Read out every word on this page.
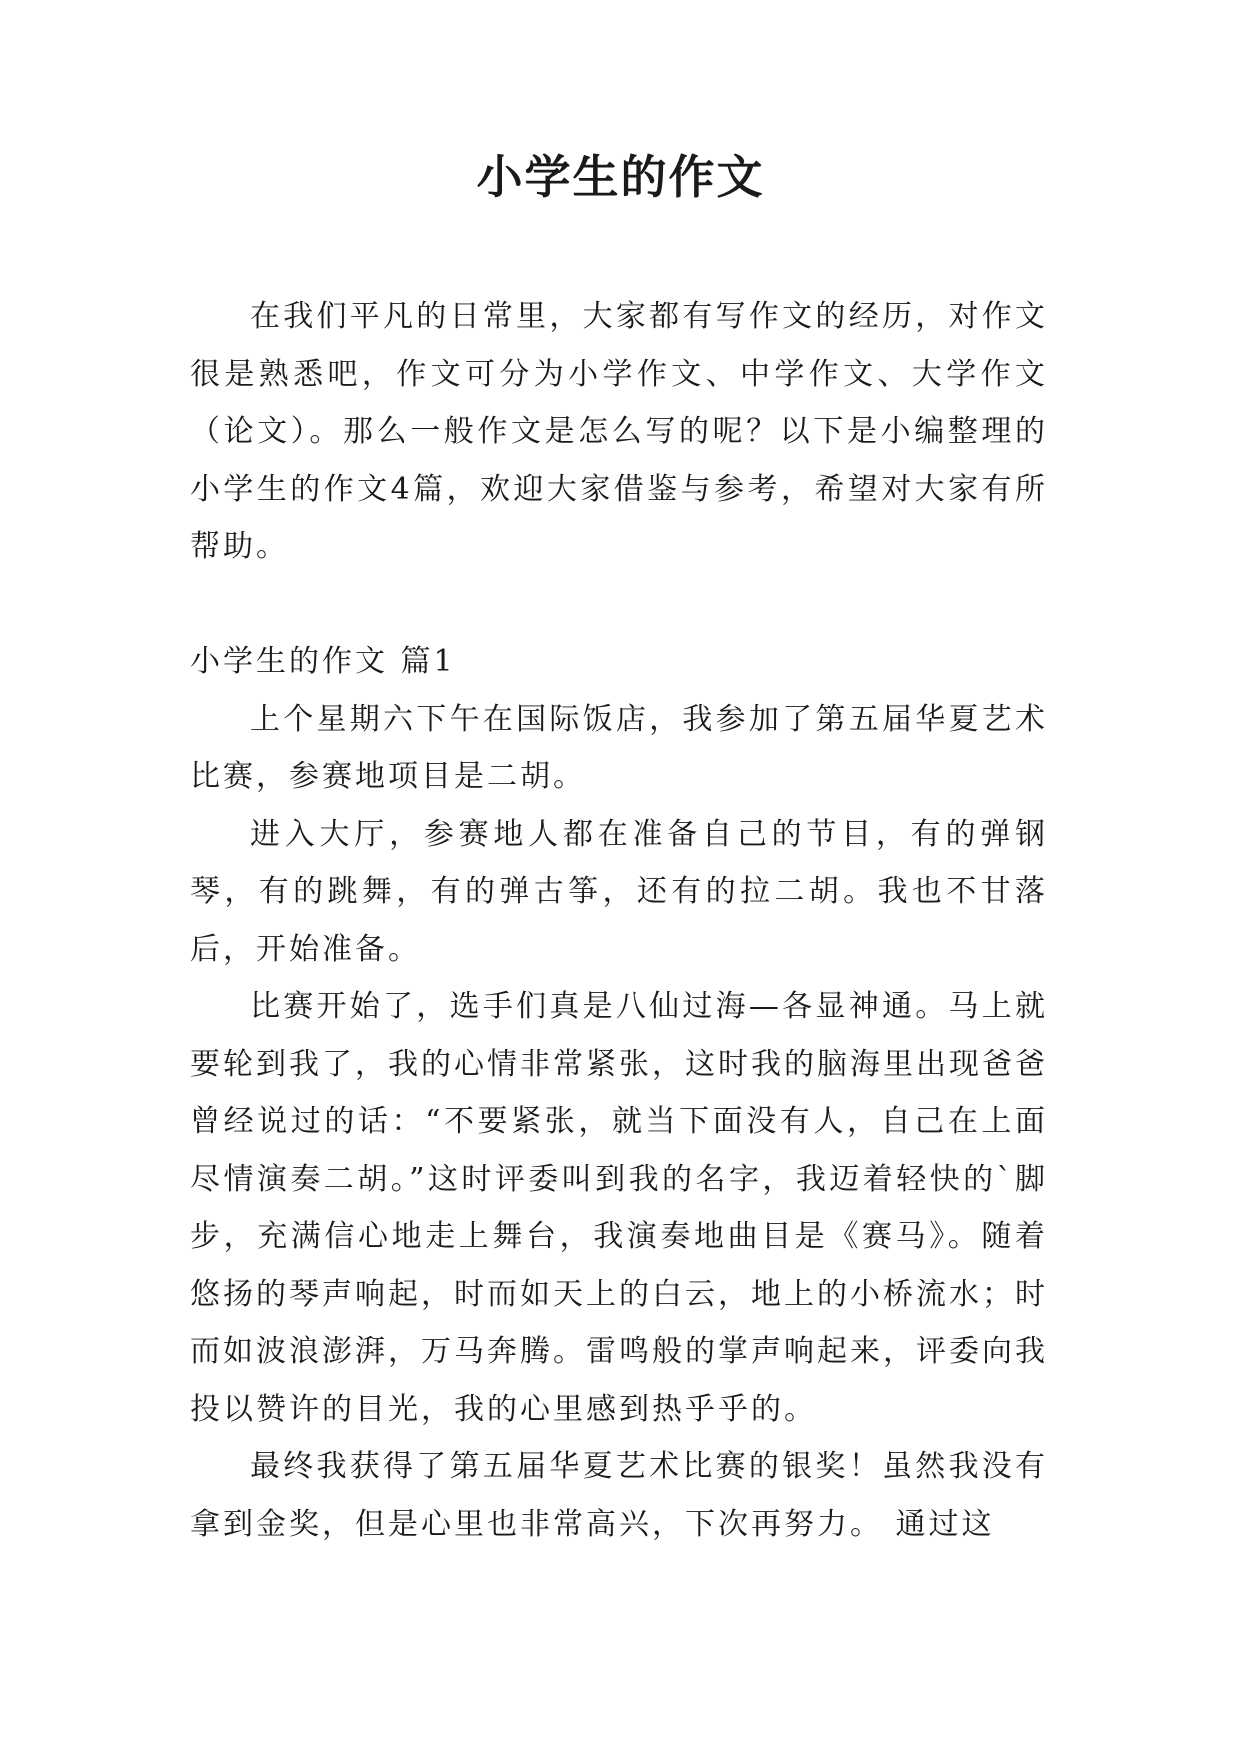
小学生的作文

在我们平凡的日常里，大家都有写作文的经历，对作文很是熟悉吧，作文可分为小学作文、中学作文、大学作文（论文）。那么一般作文是怎么写的呢？以下是小编整理的小学生的作文4篇，欢迎大家借鉴与参考，希望对大家有所帮助。

小学生的作文 篇1

上个星期六下午在国际饭店，我参加了第五届华夏艺术比赛，参赛地项目是二胡。

进入大厅，参赛地人都在准备自己的节目，有的弹钢琴，有的跳舞，有的弹古筝，还有的拉二胡。我也不甘落后，开始准备。

比赛开始了，选手们真是八仙过海—各显神通。马上就要轮到我了，我的心情非常紧张，这时我的脑海里出现爸爸曾经说过的话：“不要紧张，就当下面没有人，自己在上面尽情演奏二胡。”这时评委叫到我的名字，我迈着轻快的`脚步，充满信心地走上舞台，我演奏地曲目是《赛马》。随着悠扬的琴声响起，时而如天上的白云，地上的小桥流水；时而如波浪澎湃，万马奔腾。雷鸣般的掌声响起来，评委向我投以赞许的目光，我的心里感到热乎乎的。

最终我获得了第五届华夏艺术比赛的银奖！虽然我没有拿到金奖，但是心里也非常高兴，下次再努力。 通过这
